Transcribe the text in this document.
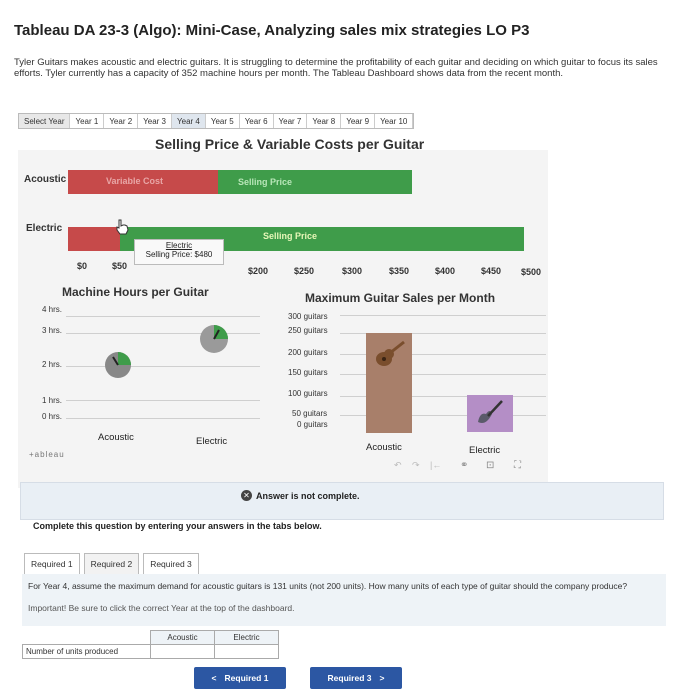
Tableau DA 23-3 (Algo): Mini-Case, Analyzing sales mix strategies LO P3
Tyler Guitars makes acoustic and electric guitars. It is struggling to determine the profitability of each guitar and deciding on which guitar to focus its sales efforts. Tyler currently has a capacity of 352 machine hours per month. The Tableau Dashboard shows data from the recent month.
Select Year	Year 1	Year 2	Year 3	Year 4	Year 5	Year 6	Year 7	Year 8	Year 9	Year 10
Selling Price & Variable Costs per Guitar
Acoustic	Variable Cost	Selling Price
Electric
Selling Price
Electric
Selling Price: $480
$0	$50	$200	$250	$300	$350	$400	$450 $500
Machine Hours per Guitar
4 hrs.
3 hrs.
2 hrs.
1 hrs.
0 hrs.
Acoustic	Electric
+ableau
Maximum Guitar Sales per Month
300 guitars
250 guitars
200 guitars
150 guitars
100 guitars
50 guitars
0 guitars
Acoustic	Electric
↶ ↷ |← ⚭ ⊡ ⛶
✕ Answer is not complete.
Complete this question by entering your answers in the tabs below.
Required 1	Required 2	Required 3
For Year 4, assume the maximum demand for acoustic guitars is 131 units (not 200 units). How many units of each type of guitar should the company produce?
Important! Be sure to click the correct Year at the top of the dashboard.
	Acoustic	Electric
Number of units produced		
< Required 1	Required 3 >
